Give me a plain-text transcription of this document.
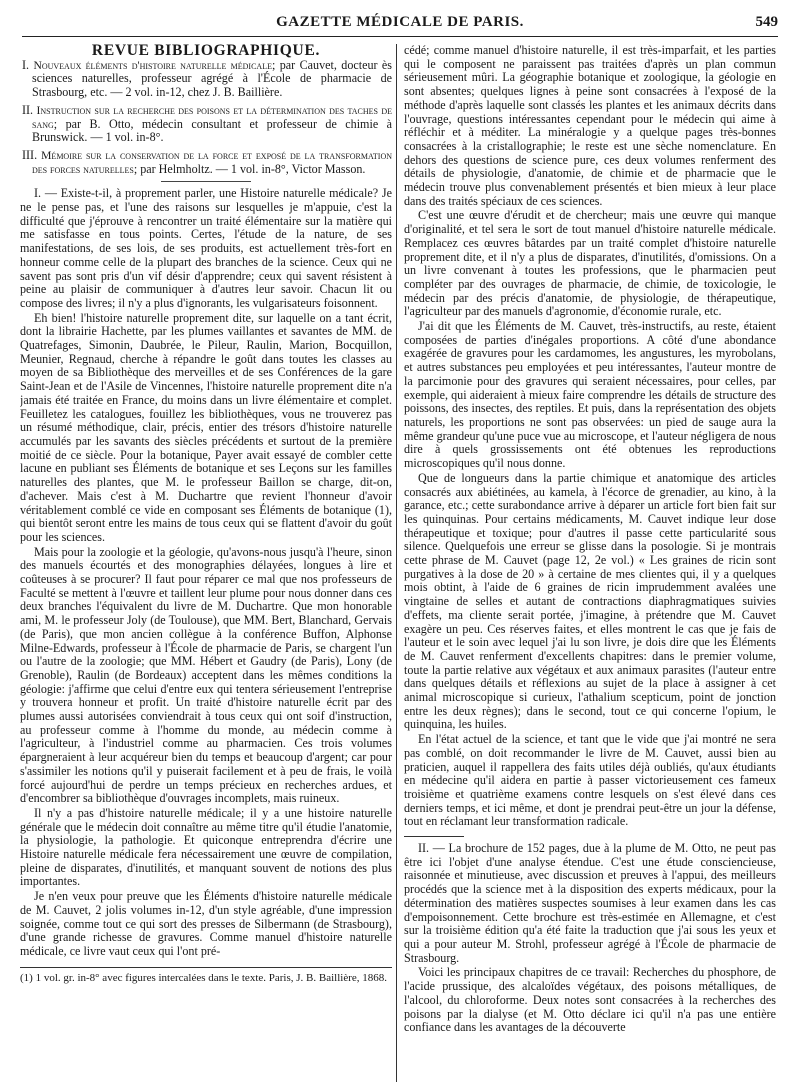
GAZETTE MÉDICALE DE PARIS.	549

REVUE BIBLIOGRAPHIQUE.

I. Nouveaux éléments d'histoire naturelle médicale; par Cauvet, docteur ès sciences naturelles, professeur agrégé à l'École de pharmacie de Strasbourg, etc. — 2 vol. in-12, chez J. B. Baillière.

II. Instruction sur la recherche des poisons et la détermination des taches de sang; par B. Otto, médecin consultant et professeur de chimie à Brunswick. — 1 vol. in-8°.

III. Mémoire sur la conservation de la force et exposé de la transformation des forces naturelles; par Helmholtz. — 1 vol. in-8°, Victor Masson.

I. — Existe-t-il, à proprement parler, une Histoire naturelle médicale? Je ne le pense pas, et l'une des raisons sur lesquelles je m'appuie, c'est la difficulté que j'éprouve à rencontrer un traité élémentaire sur la matière qui me satisfasse en tous points. Certes, l'étude de la nature, de ses manifestations, de ses lois, de ses produits, est actuellement très-fort en honneur comme celle de la plupart des branches de la science. Ceux qui ne savent pas sont pris d'un vif désir d'apprendre; ceux qui savent résistent à peine au plaisir de communiquer à d'autres leur savoir. Chacun lit ou compose des livres; il n'y a plus d'ignorants, les vulgarisateurs foisonnent.

Eh bien! l'histoire naturelle proprement dite, sur laquelle on a tant écrit, dont la librairie Hachette, par les plumes vaillantes et savantes de MM. de Quatrefages, Simonin, Daubrée, le Pileur, Raulin, Marion, Bocquillon, Meunier, Regnaud, cherche à répandre le goût dans toutes les classes au moyen de sa Bibliothèque des merveilles et de ses Conférences de la gare Saint-Jean et de l'Asile de Vincennes, l'histoire naturelle proprement dite n'a jamais été traitée en France, du moins dans un livre élémentaire et complet. Feuilletez les catalogues, fouillez les bibliothèques, vous ne trouverez pas un résumé méthodique, clair, précis, entier des trésors d'histoire naturelle accumulés par les savants des siècles précédents et surtout de la première moitié de ce siècle. Pour la botanique, Payer avait essayé de combler cette lacune en publiant ses Éléments de botanique et ses Leçons sur les familles naturelles des plantes, que M. le professeur Baillon se charge, dit-on, d'achever. Mais c'est à M. Duchartre que revient l'honneur d'avoir véritablement comblé ce vide en composant ses Éléments de botanique (1), qui bientôt seront entre les mains de tous ceux qui se flattent d'avoir du goût pour les sciences.

Mais pour la zoologie et la géologie, qu'avons-nous jusqu'à l'heure, sinon des manuels écourtés et des monographies délayées, longues à lire et coûteuses à se procurer? Il faut pour réparer ce mal que nos professeurs de Faculté se mettent à l'œuvre et taillent leur plume pour nous donner dans ces deux branches l'équivalent du livre de M. Duchartre. Que mon honorable ami, M. le professeur Joly (de Toulouse), que MM. Bert, Blanchard, Gervais (de Paris), que mon ancien collègue à la conférence Buffon, Alphonse Milne-Edwards, professeur à l'École de pharmacie de Paris, se chargent l'un ou l'autre de la zoologie; que MM. Hébert et Gaudry (de Paris), Lony (de Grenoble), Raulin (de Bordeaux) acceptent dans les mêmes conditions la géologie: j'affirme que celui d'entre eux qui tentera sérieusement l'entreprise y trouvera honneur et profit. Un traité d'histoire naturelle écrit par des plumes aussi autorisées conviendrait à tous ceux qui ont soif d'instruction, au professeur comme à l'homme du monde, au médecin comme à l'agriculteur, à l'industriel comme au pharmacien. Ces trois volumes épargneraient à leur acquéreur bien du temps et beaucoup d'argent; car pour s'assimiler les notions qu'il y puiserait facilement et à peu de frais, le voilà forcé aujourd'hui de perdre un temps précieux en recherches ardues, et d'encombrer sa bibliothèque d'ouvrages incomplets, mais ruineux.

Il n'y a pas d'histoire naturelle médicale; il y a une histoire naturelle générale que le médecin doit connaître au même titre qu'il étudie l'anatomie, la physiologie, la pathologie. Et quiconque entreprendra d'écrire une Histoire naturelle médicale fera nécessairement une œuvre de compilation, pleine de disparates, d'inutilités, et manquant souvent de notions des plus importantes.

Je n'en veux pour preuve que les Éléments d'histoire naturelle médicale de M. Cauvet, 2 jolis volumes in-12, d'un style agréable, d'une impression soignée, comme tout ce qui sort des presses de Silbermann (de Strasbourg), d'une grande richesse de gravures. Comme manuel d'histoire naturelle médicale, ce livre vaut ceux qui l'ont pré-

(1) 1 vol. gr. in-8° avec figures intercalées dans le texte. Paris, J. B. Baillière, 1868.

cédé; comme manuel d'histoire naturelle, il est très-imparfait, et les parties qui le composent ne paraissent pas traitées d'après un plan commun sérieusement mûri. La géographie botanique et zoologique, la géologie en sont absentes; quelques lignes à peine sont consacrées à l'exposé de la méthode d'après laquelle sont classés les plantes et les animaux décrits dans l'ouvrage, questions intéressantes cependant pour le médecin qui aime à réfléchir et à méditer. La minéralogie y a quelque pages très-bonnes consacrées à la cristallographie; le reste est une sèche nomenclature. En dehors des questions de science pure, ces deux volumes renferment des détails de physiologie, d'anatomie, de chimie et de pharmacie que le médecin trouve plus convenablement présentés et bien mieux à leur place dans des traités spéciaux de ces sciences.

C'est une œuvre d'érudit et de chercheur; mais une œuvre qui manque d'originalité, et tel sera le sort de tout manuel d'histoire naturelle médicale. Remplacez ces œuvres bâtardes par un traité complet d'histoire naturelle proprement dite, et il n'y a plus de disparates, d'inutilités, d'omissions. On a un livre convenant à toutes les professions, que le pharmacien peut compléter par des ouvrages de pharmacie, de chimie, de toxicologie, le médecin par des précis d'anatomie, de physiologie, de thérapeutique, l'agriculteur par des manuels d'agronomie, d'économie rurale, etc.

J'ai dit que les Éléments de M. Cauvet, très-instructifs, au reste, étaient composées de parties d'inégales proportions. A côté d'une abondance exagérée de gravures pour les cardamomes, les angustures, les myrobolans, et autres substances peu employées et peu intéressantes, l'auteur montre de la parcimonie pour des gravures qui seraient nécessaires, pour celles, par exemple, qui aideraient à mieux faire comprendre les détails de structure des poissons, des insectes, des reptiles. Et puis, dans la représentation des objets naturels, les proportions ne sont pas observées: un pied de sauge aura la même grandeur qu'une puce vue au microscope, et l'auteur négligera de nous dire à quels grossissements ont été obtenues les reproductions microscopiques qu'il nous donne.

Que de longueurs dans la partie chimique et anatomique des articles consacrés aux abiétinées, au kamela, à l'écorce de grenadier, au kino, à la garance, etc.; cette surabondance arrive à déparer un article fort bien fait sur les quinquinas. Pour certains médicaments, M. Cauvet indique leur dose thérapeutique et toxique; pour d'autres il passe cette particularité sous silence. Quelquefois une erreur se glisse dans la posologie. Si je montrais cette phrase de M. Cauvet (page 12, 2e vol.) « Les graines de ricin sont purgatives à la dose de 20 » à certaine de mes clientes qui, il y a quelques mois obtint, à l'aide de 6 graines de ricin imprudemment avalées une vingtaine de selles et autant de contractions diaphragmatiques suivies d'effets, ma cliente serait portée, j'imagine, à prétendre que M. Cauvet exagère un peu. Ces réserves faites, et elles montrent le cas que je fais de l'auteur et le soin avec lequel j'ai lu son livre, je dois dire que les Éléments de M. Cauvet renferment d'excellents chapitres: dans le premier volume, toute la partie relative aux végétaux et aux animaux parasites (l'auteur entre dans quelques détails et réflexions au sujet de la place à assigner à cet animal microscopique si curieux, l'athalium scepticum, point de jonction entre les deux règnes); dans le second, tout ce qui concerne l'opium, le quinquina, les huiles.

En l'état actuel de la science, et tant que le vide que j'ai montré ne sera pas comblé, on doit recommander le livre de M. Cauvet, aussi bien au praticien, auquel il rappellera des faits utiles déjà oubliés, qu'aux étudiants en médecine qu'il aidera en partie à passer victorieusement ces fameux troisième et quatrième examens contre lesquels on s'est élevé dans ces derniers temps, et ici même, et dont je prendrai peut-être un jour la défense, tout en réclamant leur transformation radicale.

II. — La brochure de 152 pages, due à la plume de M. Otto, ne peut pas être ici l'objet d'une analyse étendue. C'est une étude consciencieuse, raisonnée et minutieuse, avec discussion et preuves à l'appui, des meilleurs procédés que la science met à la disposition des experts médicaux, pour la détermination des matières suspectes soumises à leur examen dans les cas d'empoisonnement. Cette brochure est très-estimée en Allemagne, et c'est sur la troisième édition qu'a été faite la traduction que j'ai sous les yeux et qui a pour auteur M. Strohl, professeur agrégé à l'École de pharmacie de Strasbourg.

Voici les principaux chapitres de ce travail: Recherches du phosphore, de l'acide prussique, des alcaloïdes végétaux, des poisons métalliques, de l'alcool, du chloroforme. Deux notes sont consacrées à la recherches des poisons par la dialyse (et M. Otto déclare ici qu'il n'a pas une entière confiance dans les avantages de la découverte
